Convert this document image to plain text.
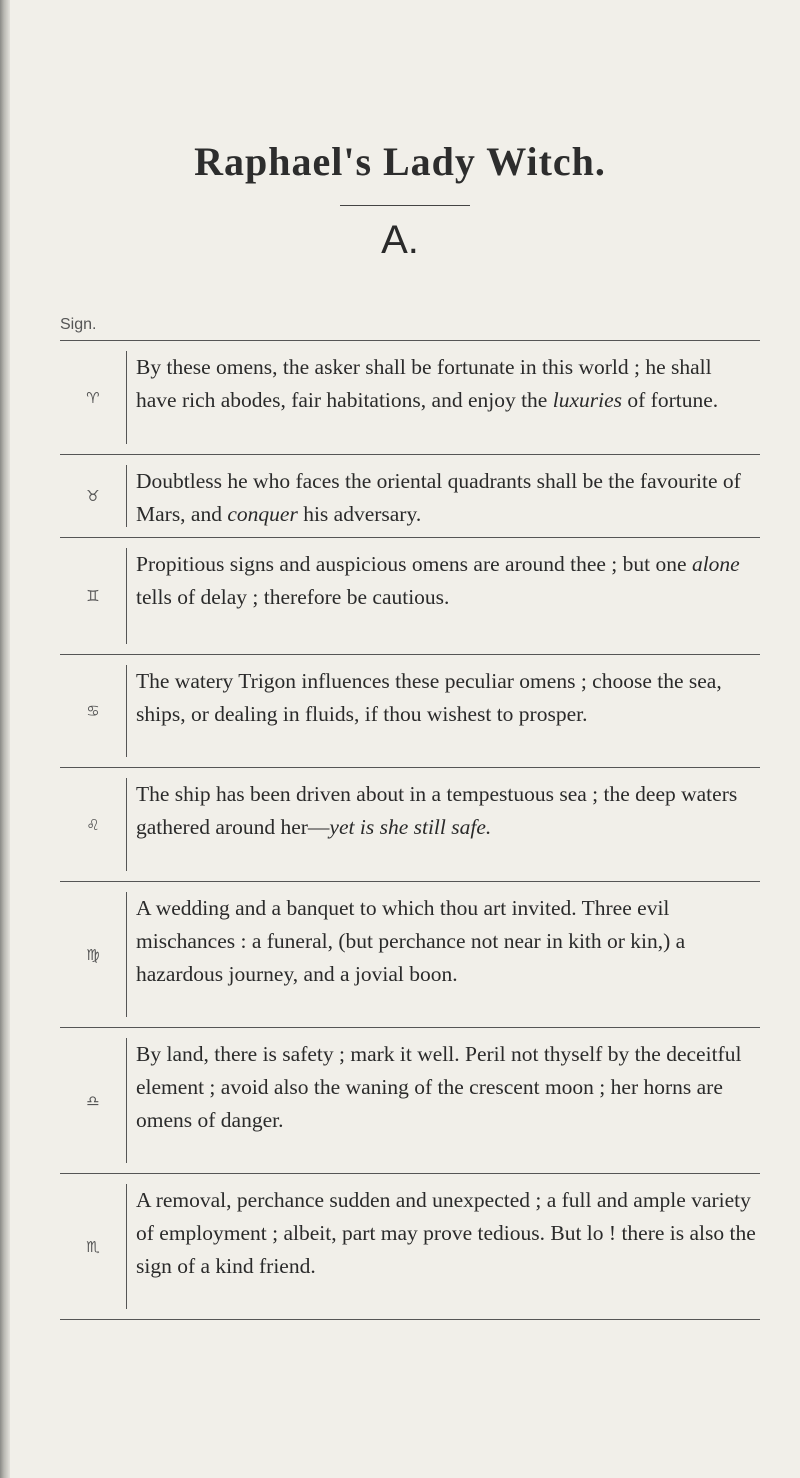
Raphael's Lady Witch.
A.
Sign.
♈
By these omens, the asker shall be fortunate in this world ; he shall have rich abodes, fair habitations, and enjoy the luxuries of fortune.
♉
Doubtless he who faces the oriental quadrants shall be the favourite of Mars, and conquer his adversary.
♊
Propitious signs and auspicious omens are around thee ; but one alone tells of delay ; therefore be cautious.
♋
The watery Trigon influences these peculiar omens ; choose the sea, ships, or dealing in fluids, if thou wishest to prosper.
♌
The ship has been driven about in a tempestuous sea ; the deep waters gathered around her—yet is she still safe.
♍
A wedding and a banquet to which thou art invited. Three evil mischances : a funeral, (but perchance not near in kith or kin,) a hazardous journey, and a jovial boon.
♎
By land, there is safety ; mark it well. Peril not thyself by the deceitful element ; avoid also the waning of the crescent moon ; her horns are omens of danger.
♏
A removal, perchance sudden and unexpected ; a full and ample variety of employment ; albeit, part may prove tedious. But lo ! there is also the sign of a kind friend.
